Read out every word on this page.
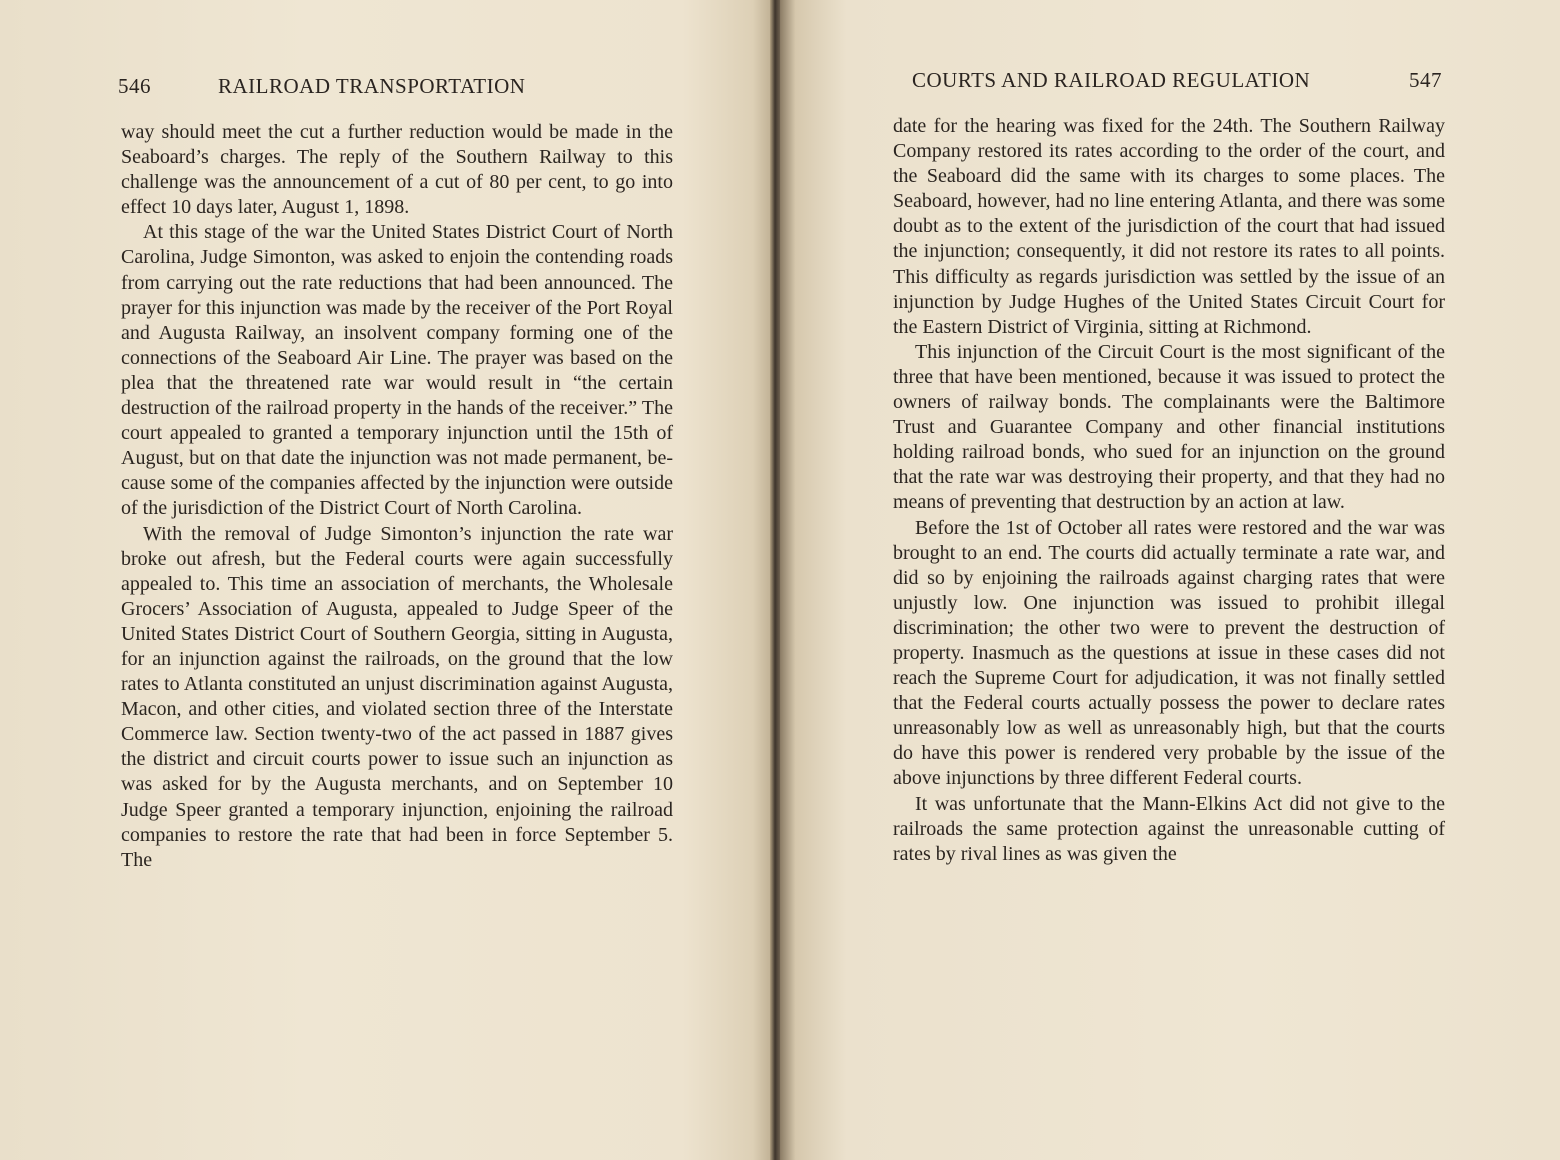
546	RAILROAD TRANSPORTATION

way should meet the cut a further reduction would be made in the Seaboard’s charges. The reply of the Southern Railway to this challenge was the announcement of a cut of 80 per cent, to go into effect 10 days later, August 1, 1898.

At this stage of the war the United States District Court of North Carolina, Judge Simonton, was asked to enjoin the contending roads from carrying out the rate reductions that had been announced. The prayer for this injunction was made by the receiver of the Port Royal and Augusta Railway, an insolvent company forming one of the connections of the Seaboard Air Line. The prayer was based on the plea that the threatened rate war would result in “the certain destruction of the railroad property in the hands of the receiver.” The court appealed to granted a temporary injunction until the 15th of August, but on that date the injunction was not made permanent, because some of the companies affected by the injunction were outside of the jurisdiction of the District Court of North Carolina.

With the removal of Judge Simonton’s injunction the rate war broke out afresh, but the Federal courts were again successfully appealed to. This time an association of merchants, the Wholesale Grocers’ Association of Augusta, appealed to Judge Speer of the United States District Court of Southern Georgia, sitting in Augusta, for an injunction against the railroads, on the ground that the low rates to Atlanta constituted an unjust discrimination against Augusta, Macon, and other cities, and violated section three of the Interstate Commerce law. Section twenty-two of the act passed in 1887 gives the district and circuit courts power to issue such an injunction as was asked for by the Augusta merchants, and on September 10 Judge Speer granted a temporary injunction, enjoining the railroad companies to restore the rate that had been in force September 5. The

COURTS AND RAILROAD REGULATION	547

date for the hearing was fixed for the 24th. The Southern Railway Company restored its rates according to the order of the court, and the Seaboard did the same with its charges to some places. The Seaboard, however, had no line entering Atlanta, and there was some doubt as to the extent of the jurisdiction of the court that had issued the injunction; consequently, it did not restore its rates to all points. This difficulty as regards jurisdiction was settled by the issue of an injunction by Judge Hughes of the United States Circuit Court for the Eastern District of Virginia, sitting at Richmond.

This injunction of the Circuit Court is the most significant of the three that have been mentioned, because it was issued to protect the owners of railway bonds. The complainants were the Baltimore Trust and Guarantee Company and other financial institutions holding railroad bonds, who sued for an injunction on the ground that the rate war was destroying their property, and that they had no means of preventing that destruction by an action at law.

Before the 1st of October all rates were restored and the war was brought to an end. The courts did actually terminate a rate war, and did so by enjoining the railroads against charging rates that were unjustly low. One injunction was issued to prohibit illegal discrimination; the other two were to prevent the destruction of property. Inasmuch as the questions at issue in these cases did not reach the Supreme Court for adjudication, it was not finally settled that the Federal courts actually possess the power to declare rates unreasonably low as well as unreasonably high, but that the courts do have this power is rendered very probable by the issue of the above injunctions by three different Federal courts.

It was unfortunate that the Mann-Elkins Act did not give to the railroads the same protection against the unreasonable cutting of rates by rival lines as was given the
